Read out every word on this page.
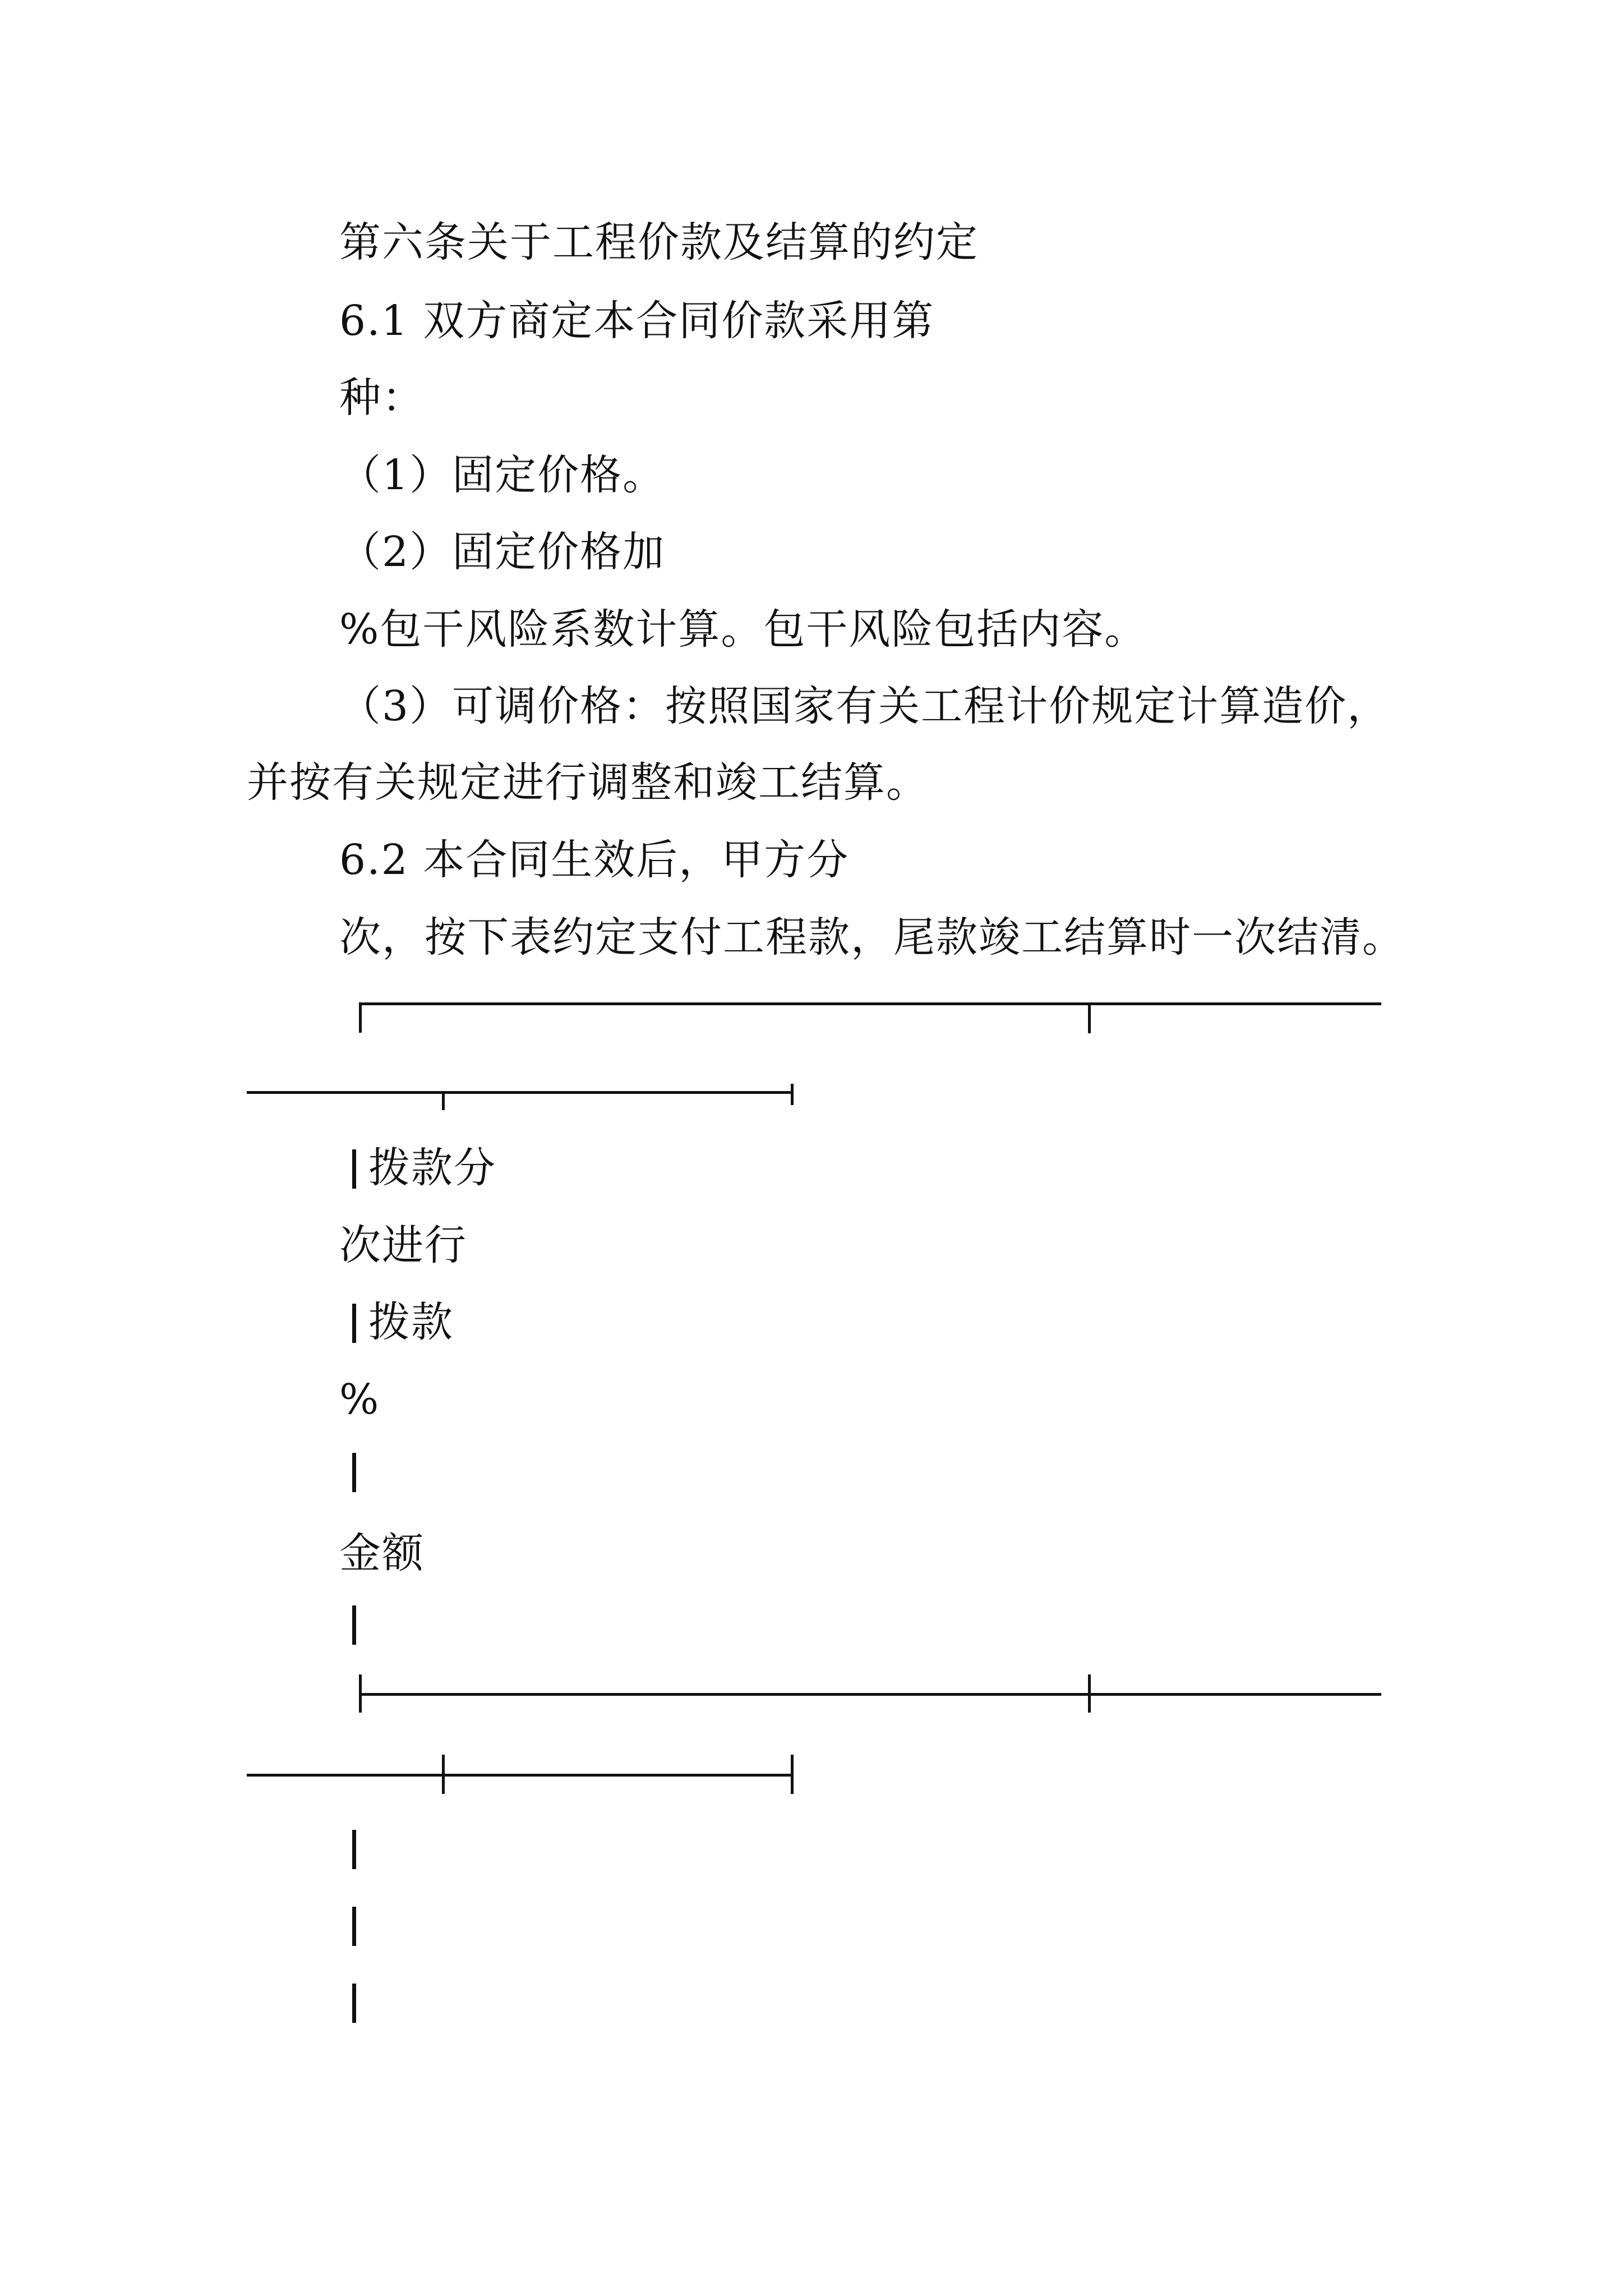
第六条关于工程价款及结算的约定
6.1 双方商定本合同价款采用第
种：
（1）固定价格。
（2）固定价格加
%包干风险系数计算。包干风险包括内容。
（3）可调价格：按照国家有关工程计价规定计算造价，
并按有关规定进行调整和竣工结算。
6.2 本合同生效后，甲方分
次，按下表约定支付工程款，尾款竣工结算时一次结清。
拨款分
次进行
拨款
%
金额
